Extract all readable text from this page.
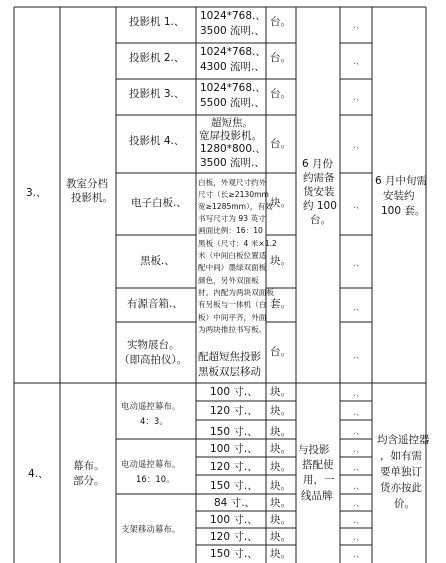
3.、
教室分档
投影机。
投影机 1.、
投影机 2.、
投影机 3.、
投影机 4.、
电子白板.、
黑板.、
有源音箱.、
实物展台。
（即高拍仪）。
1024*768.、
3500 流明.、
1024*768.、
4300 流明.、
1024*768.、
5500 流明.、
超短焦。
宽屏投影机。
1280*800.、
3500 流明.、
白板，外观尺寸约外
尺寸（长≥2130mm
宽≥1285mm），有效
书写尺寸为 93 英寸
画面比例：16：10
黑板（尺寸：4 米×1.2
米（中间白板位置适
配中间）墨绿双面板
颜色，另外双面板
材。内配为两块双面板
有另板与一体机（白
板）中间平齐，外面
为两块推拉书写板。
配超短焦投影
黑板双层移动
台。
台。
台。
台。
块。
块。
套。
台。
6 月份
约需备
货安装
约 100
台。
.、
.、
.、
.、
.、
.、
.、
.、
6 月中旬需
安装约
100 套。
4.、
幕布。
部分。
电动遥控幕布。
4：3。
电动遥控幕布。
16：10。
支架移动幕布。
100 寸.、
120 寸.、
150 寸.、
100 寸.、
120 寸.、
150 寸.、
84 寸.、
100 寸.、
120 寸.、
150 寸.、
块。
块。
块。
块。
块。
块。
块。
块。
块。
块。
与投影
搭配使
用，一
线品牌
.、
.、
.、
.、
.、
.、
.、
.、
.、
.、
均含遥控器
，如有需
要单独订
货亦按此
价。
